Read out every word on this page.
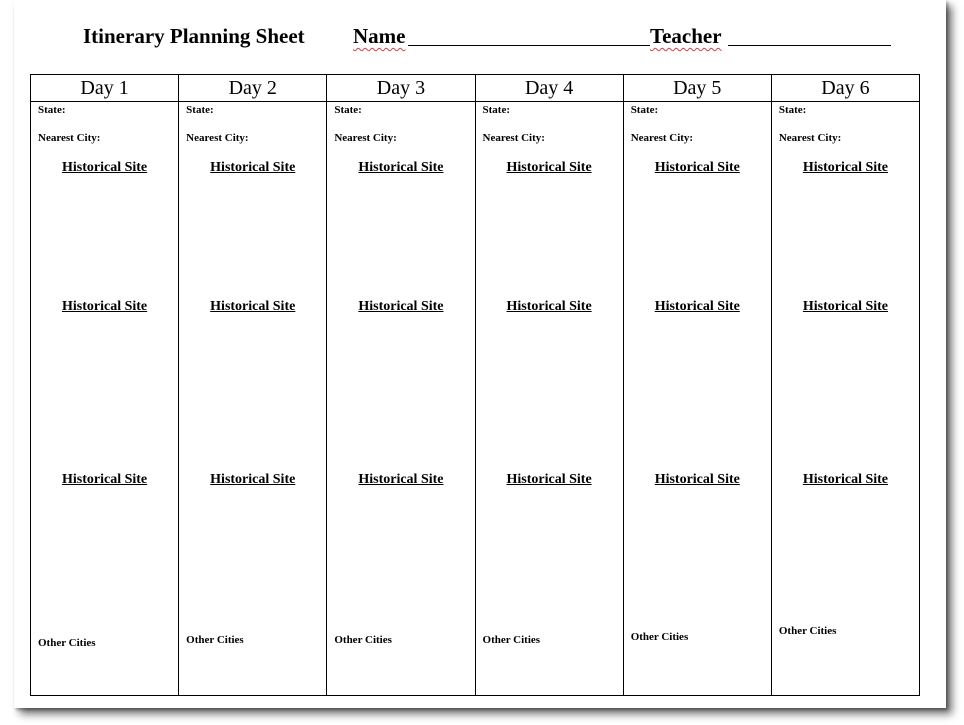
Itinerary Planning Sheet Name	Teacher
Day 1
State:
Nearest City:
Historical Site
Historical Site
Historical Site
Other Cities
Day 2
State:
Nearest City:
Historical Site
Historical Site
Historical Site
Other Cities
Day 3
State:
Nearest City:
Historical Site
Historical Site
Historical Site
Other Cities
Day 4
State:
Nearest City:
Historical Site
Historical Site
Historical Site
Other Cities
Day 5
State:
Nearest City:
Historical Site
Historical Site
Historical Site
Other Cities
Day 6
State:
Nearest City:
Historical Site
Historical Site
Historical Site
Other Cities
